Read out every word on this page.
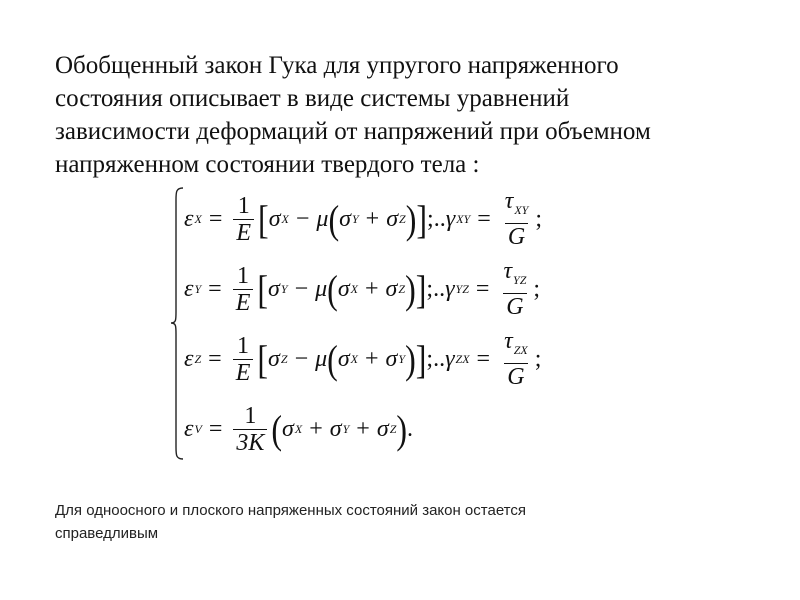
Обобщенный закон Гука для упругого напряженного
состояния описывает в виде системы уравнений
зависимости деформаций от напряжений при объемном
напряженном состоянии твердого тела :
ε $X = \frac{1}{E}$ [ σ X − μ ( σ Y + σ Z ) ] ; .. γ XY = $\frac{\tau_{XY}}{G}$ ;
ε $Y = \frac{1}{E}$ [ σ Y − μ ( σ X + σ Z ) ] ; .. γ YZ = $\frac{\tau_{YZ}}{G}$ ;
ε $Z = \frac{1}{E}$ [ σ Z − μ ( σ X + σ Y ) ] ; .. γ ZX = $\frac{\tau_{ZX}}{G}$ ;
ε $V = \frac{1}{3K}$ ( σ X + σ Y + σ Z ) .
Для одноосного и плоского напряженных состояний закон остается
справедливым
